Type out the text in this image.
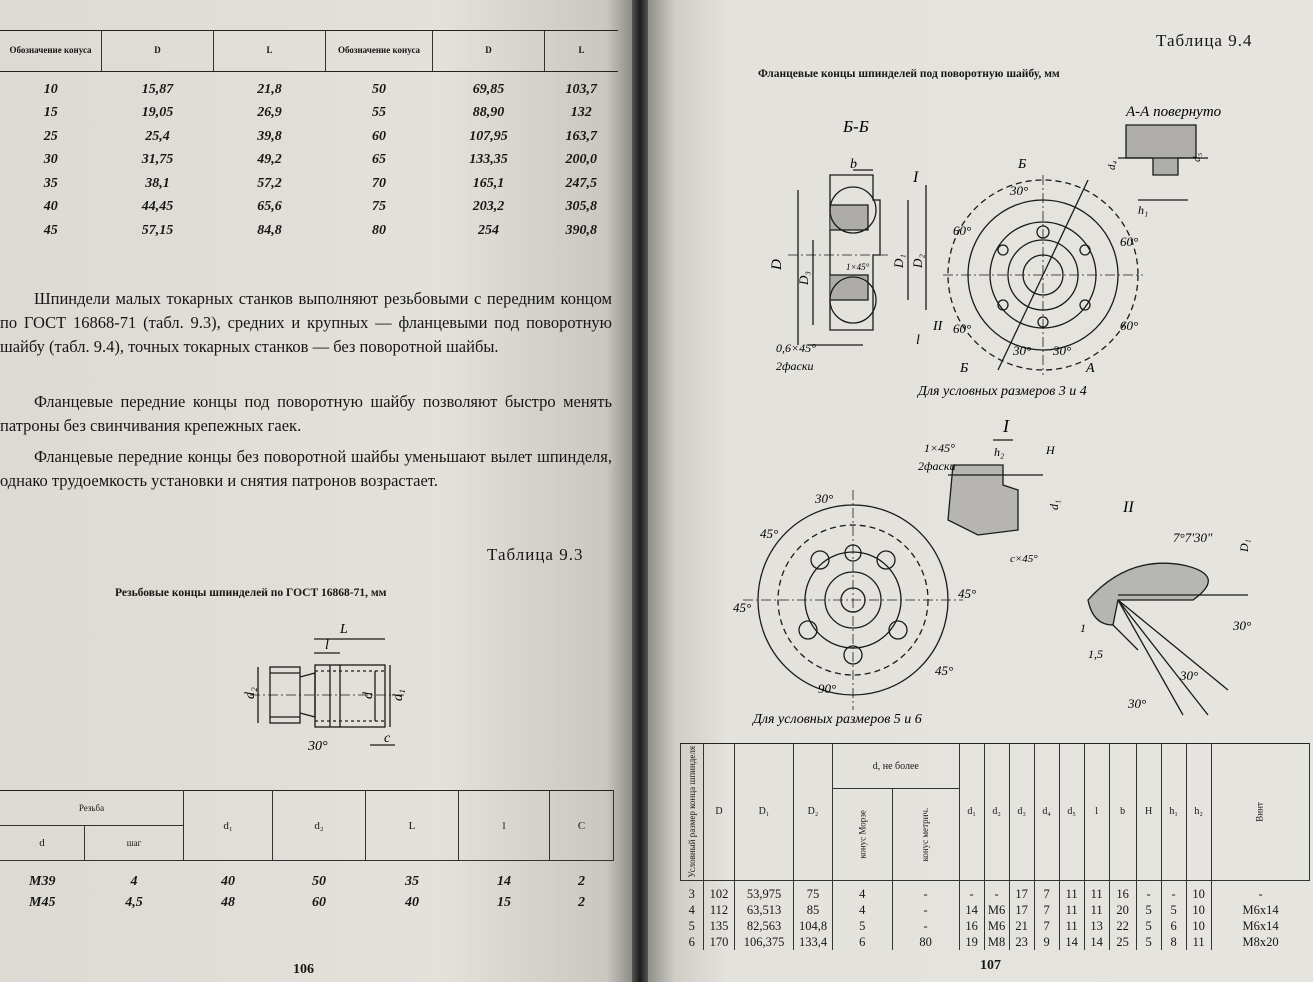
Обозначение конуса	D	L	Обозначение конуса	D	L
10	15,87	21,8	50	69,85	103,7
15	19,05	26,9	55	88,90	132
25	25,4	39,8	60	107,95	163,7
30	31,75	49,2	65	133,35	200,0
35	38,1	57,2	70	165,1	247,5
40	44,45	65,6	75	203,2	305,8
45	57,15	84,8	80	254	390,8
Шпиндели малых токарных станков выполняют резьбовыми с передним концом по ГОСТ 16868-71 (табл. 9.3), средних и крупных — фланцевыми под поворотную шайбу (табл. 9.4), точных токарных станков — без поворотной шайбы.
Фланцевые передние концы под поворотную шайбу позволяют быстро менять патроны без свинчивания крепежных гаек.
Фланцевые передние концы без поворотной шайбы уменьшают вылет шпинделя, однако трудоемкость установки и снятия патронов возрастает.
Таблица 9.3
Резьбовые концы шпинделей по ГОСТ 16868-71, мм
L
l
d₂	d d₁
30°
c
Резьба		d₁	d₂	L	l	C
d	шаг					
M39	4	40	50	35	14	2
M45	4,5	48	60	40	15	2
106
Таблица 9.4
Фланцевые концы шпинделей под поворотную шайбу, мм
Б-Б
А-А повернуто
b
I
II
D
D₃
D₁ D₂
1×45°
0,6×45°
2фаски
l
Б
Б	А
30°
60°
60°
60°	60°
30° 30°
d₄
d₅
h₁
Для условных размеров 3 и 4
I
1×45°
2фаски
h₂	H
d₁
c×45°
30°
45°
45°
45°
45°
90°
Для условных размеров 5 и 6
II
7°7′30″
D₁
1
1,5
30°
30°
30°
Условный размер конца шпинделя	D	D₁	D₂	d, не более		d₁	d₂	d₃	d₄	d₅	l	b	H	h₁	h₂	Винт
				конус Морзе	конус метрич.											
3	102	53,975	75	4	-	-	-	17	7	11	11	16	-	-	10	-
4	112	63,513	85	4	-	14	M6	17	7	11	11	20	5	5	10	M6x14
5	135	82,563	104,8	5	-	16	M6	21	7	11	13	22	5	6	10	M6x14
6	170	106,375	133,4	6	80	19	M8	23	9	14	14	25	5	8	11	M8x20
107
